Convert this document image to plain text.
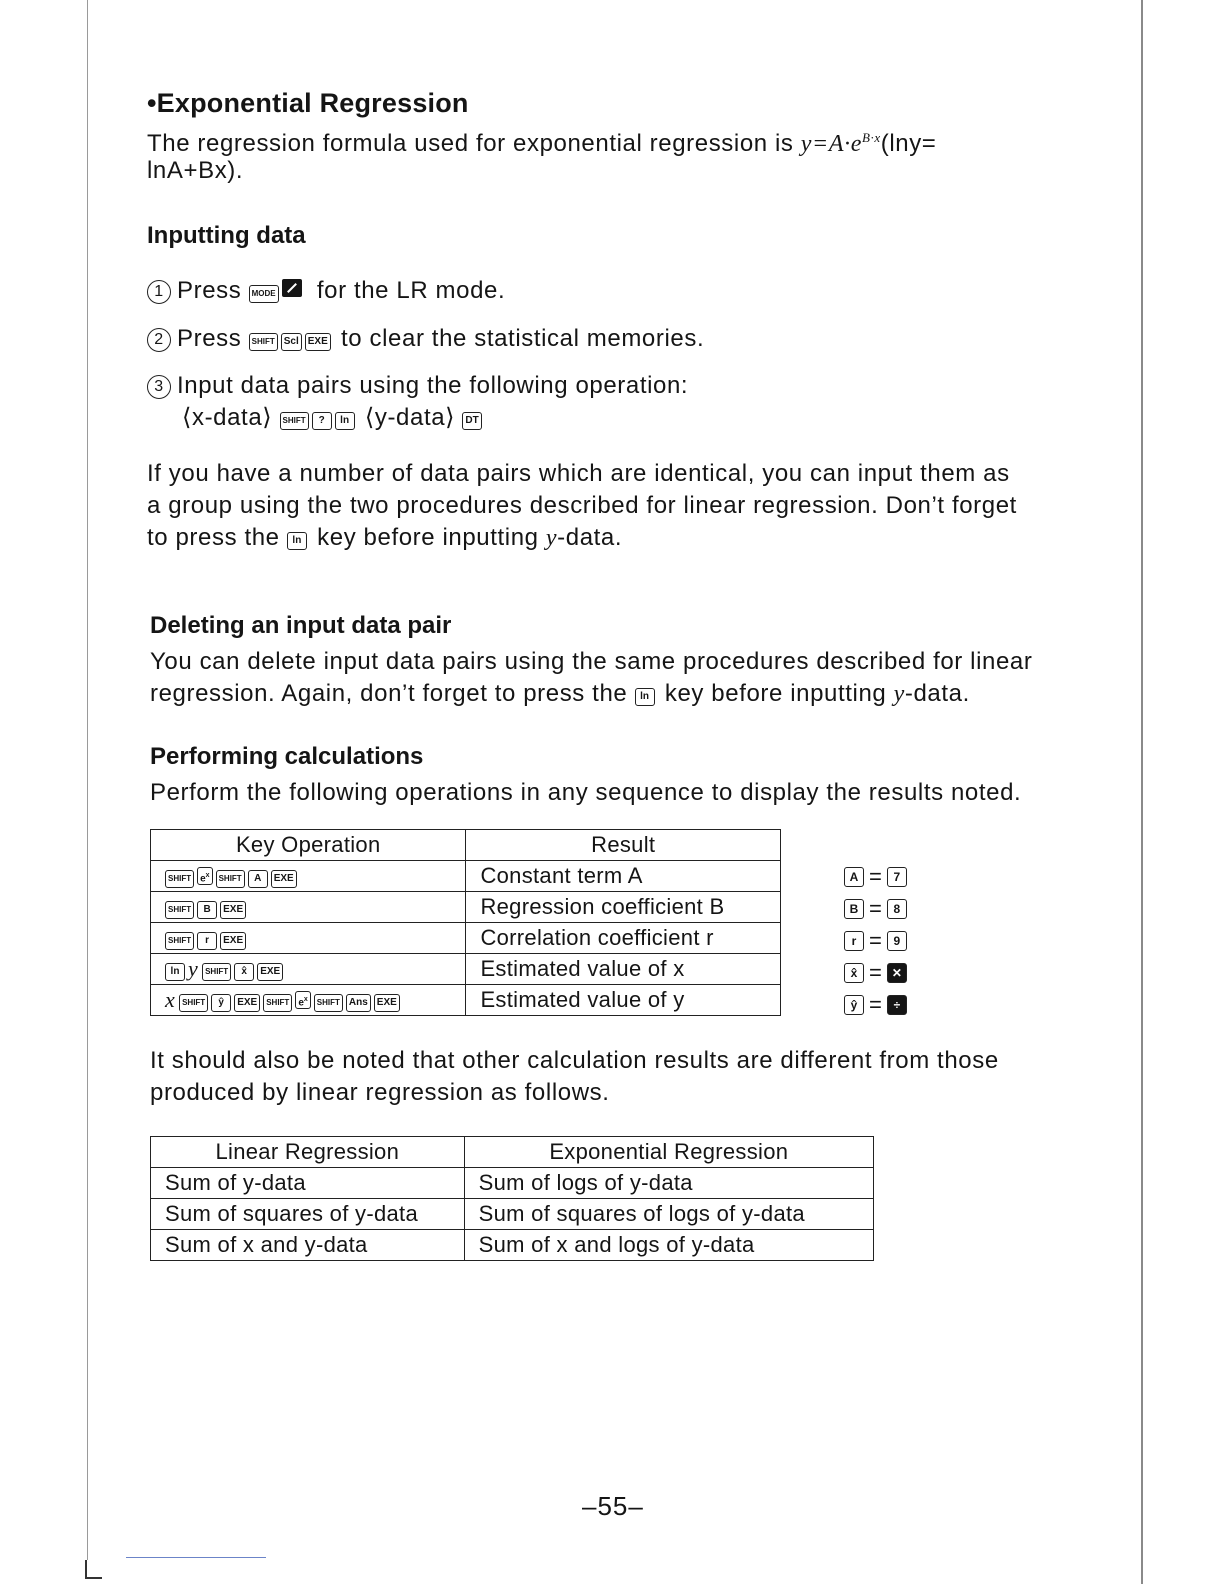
•Exponential Regression
The regression formula used for exponential regression is $y=A\cdot e^{B\cdot x}(\ln y=$
lnA+Bx).
Inputting data
1 Press MODE for the LR mode.
2 Press SHIFT Scl EXE to clear the statistical memories.
3 Input data pairs using the following operation:
⟨x-data⟩ SHIFT ? ln ⟨y-data⟩ DT
If you have a number of data pairs which are identical, you can input them as
a group using the two procedures described for linear regression. Don’t forget
to press the ln key before inputting y-data.
Deleting an input data pair
You can delete input data pairs using the same procedures described for linear
regression. Again, don’t forget to press the ln key before inputting y-data.
Performing calculations
Perform the following operations in any sequence to display the results noted.
Key Operation	Result
SHIFT $e^x$ SHIFT A EXE	Constant term A
SHIFT B EXE	Regression coefficient B
SHIFT r EXE	Correlation coefficient r
ln y SHIFT x̂ EXE	Estimated value of x
x SHIFT ŷ EXE SHIFT $e^x$ SHIFT Ans EXE	Estimated value of y
A = 7
B = 8
r = 9
x̂ = ✕
ŷ = ÷
It should also be noted that other calculation results are different from those
produced by linear regression as follows.
Linear Regression	Exponential Regression
Sum of y-data	Sum of logs of y-data
Sum of squares of y-data	Sum of squares of logs of y-data
Sum of x and y-data	Sum of x and logs of y-data
–55–
